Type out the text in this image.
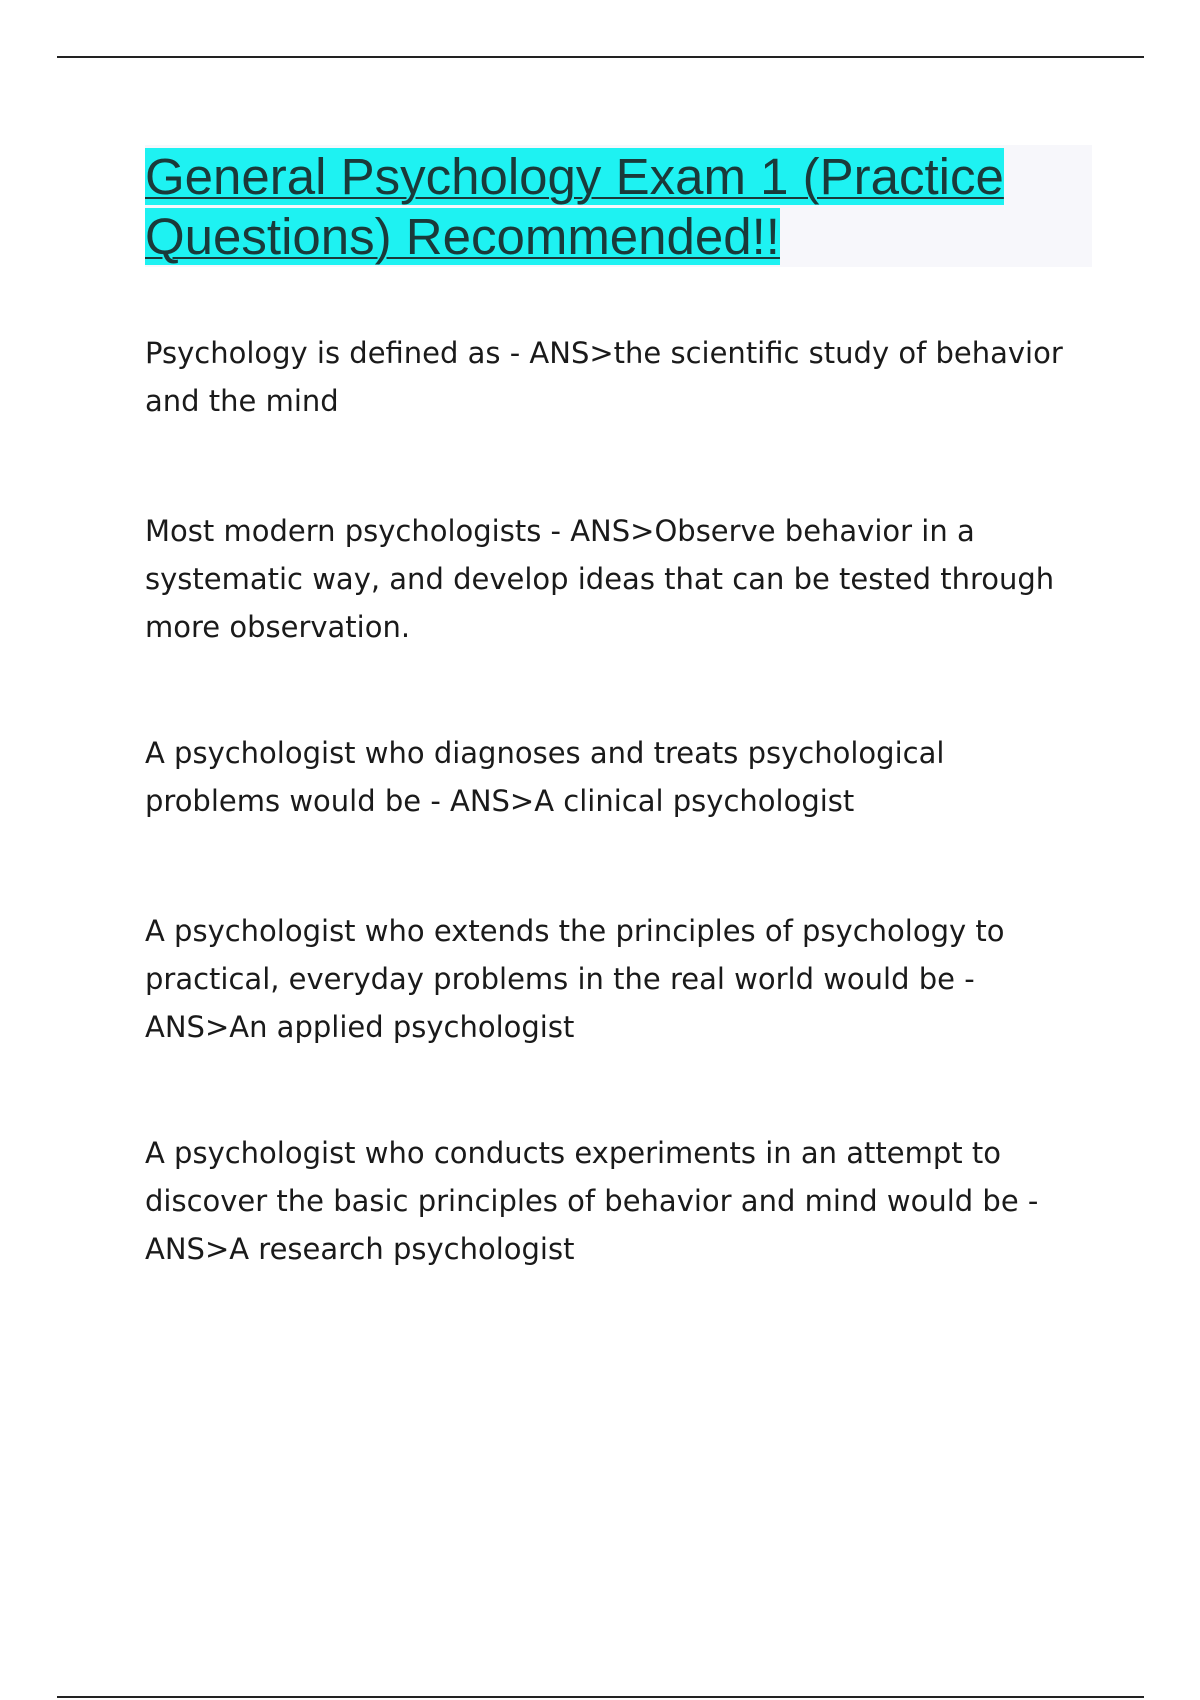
General Psychology Exam 1 (Practice Questions) Recommended!!

Psychology is defined as - ANS>the scientific study of behavior and the mind

Most modern psychologists - ANS>Observe behavior in a systematic way, and develop ideas that can be tested through more observation.

A psychologist who diagnoses and treats psychological problems would be - ANS>A clinical psychologist

A psychologist who extends the principles of psychology to practical, everyday problems in the real world would be - ANS>An applied psychologist

A psychologist who conducts experiments in an attempt to discover the basic principles of behavior and mind would be - ANS>A research psychologist
